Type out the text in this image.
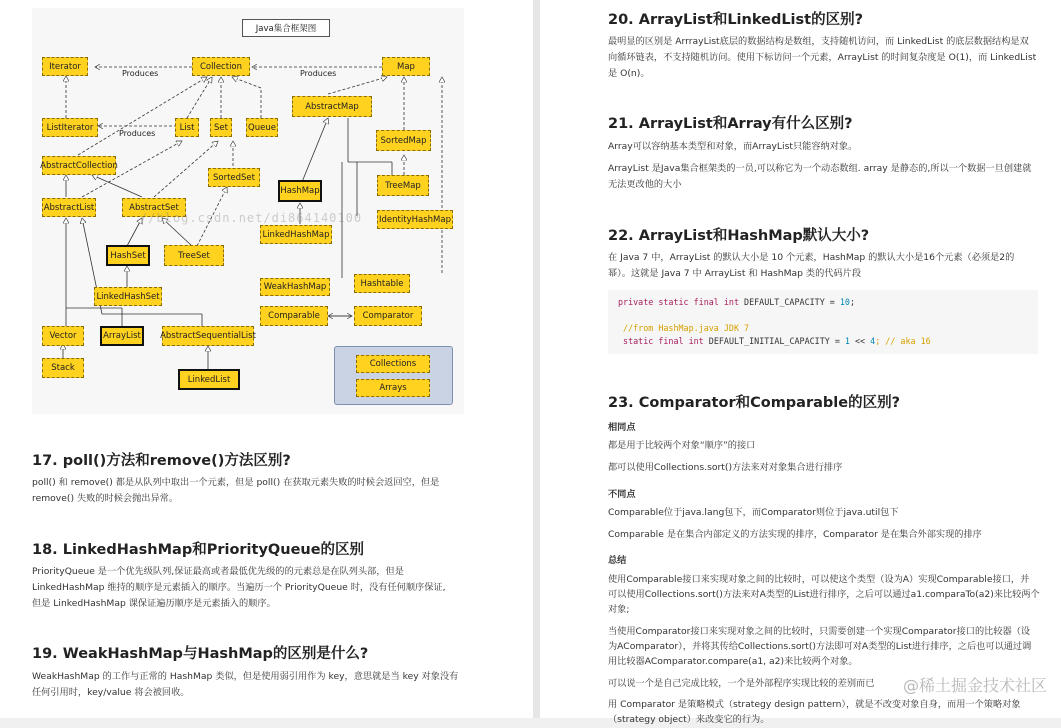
Java集合框架图
Iterator	Collection	Map
Produces	Produces
Produces
ListIterator	List	Set	Queue
AbstractMap
SortedMap
AbstractCollection
SortedSet
HashMap
TreeMap
AbstractList	AbstractSet
IdentityHashMap
LinkedHashMap
HashSet	TreeSet
WeakHashMap	Hashtable
LinkedHashSet
Comparable	Comparator
Vector	ArrayList	AbstractSequentialList
Collections
Arrays
Stack
LinkedList
//blog.csdn.net/di864140100
17. poll()方法和remove()方法区别?

poll() 和 remove() 都是从队列中取出一个元素，但是 poll() 在获取元素失败的时候会返回空，但是

remove() 失败的时候会抛出异常。

18. LinkedHashMap和PriorityQueue的区别

PriorityQueue 是一个优先级队列,保证最高或者最低优先级的的元素总是在队列头部，但是

LinkedHashMap 维持的顺序是元素插入的顺序。当遍历一个 PriorityQueue 时，没有任何顺序保证,

但是 LinkedHashMap 课保证遍历顺序是元素插入的顺序。

19. WeakHashMap与HashMap的区别是什么?

WeakHashMap 的工作与正常的 HashMap 类似，但是使用弱引用作为 key，意思就是当 key 对象没有

任何引用时，key/value 将会被回收。

20. ArrayList和LinkedList的区别?

最明显的区别是 ArrrayList底层的数据结构是数组，支持随机访问，而 LinkedList 的底层数据结构是双

向循环链表，不支持随机访问。使用下标访问一个元素，ArrayList 的时间复杂度是 O(1)，而 LinkedList

是 O(n)。

21. ArrayList和Array有什么区别?

Array可以容纳基本类型和对象，而ArrayList只能容纳对象。

ArrayList 是Java集合框架类的一员,可以称它为一个动态数组. array 是静态的,所以一个数据一旦创建就

无法更改他的大小

22. ArrayList和HashMap默认大小?

在 Java 7 中，ArrayList 的默认大小是 10 个元素，HashMap 的默认大小是16个元素（必须是2的

幂）。这就是 Java 7 中 ArrayList 和 HashMap 类的代码片段

private static final int DEFAULT_CAPACITY = 10;

//from HashMap.java JDK 7
static final int DEFAULT_INITIAL_CAPACITY = 1 << 4; // aka 16
23. Comparator和Comparable的区别?

相同点

都是用于比较两个对象“顺序”的接口

都可以使用Collections.sort()方法来对对象集合进行排序

不同点

Comparable位于java.lang包下，而Comparator则位于java.util包下

Comparable 是在集合内部定义的方法实现的排序，Comparator 是在集合外部实现的排序

总结

使用Comparable接口来实现对象之间的比较时，可以使这个类型（设为A）实现Comparable接口，并

可以使用Collections.sort()方法来对A类型的List进行排序，之后可以通过a1.comparaTo(a2)来比较两个

对象;

当使用Comparator接口来实现对象之间的比较时，只需要创建一个实现Comparator接口的比较器（设

为AComparator），并将其传给Collections.sort()方法即可对A类型的List进行排序，之后也可以通过调

用比较器AComparator.compare(a1, a2)来比较两个对象。

可以说一个是自己完成比较，一个是外部程序实现比较的差别而已

用 Comparator 是策略模式（strategy design pattern），就是不改变对象自身，而用一个策略对象

（strategy object）来改变它的行为。

@稀土掘金技术社区
